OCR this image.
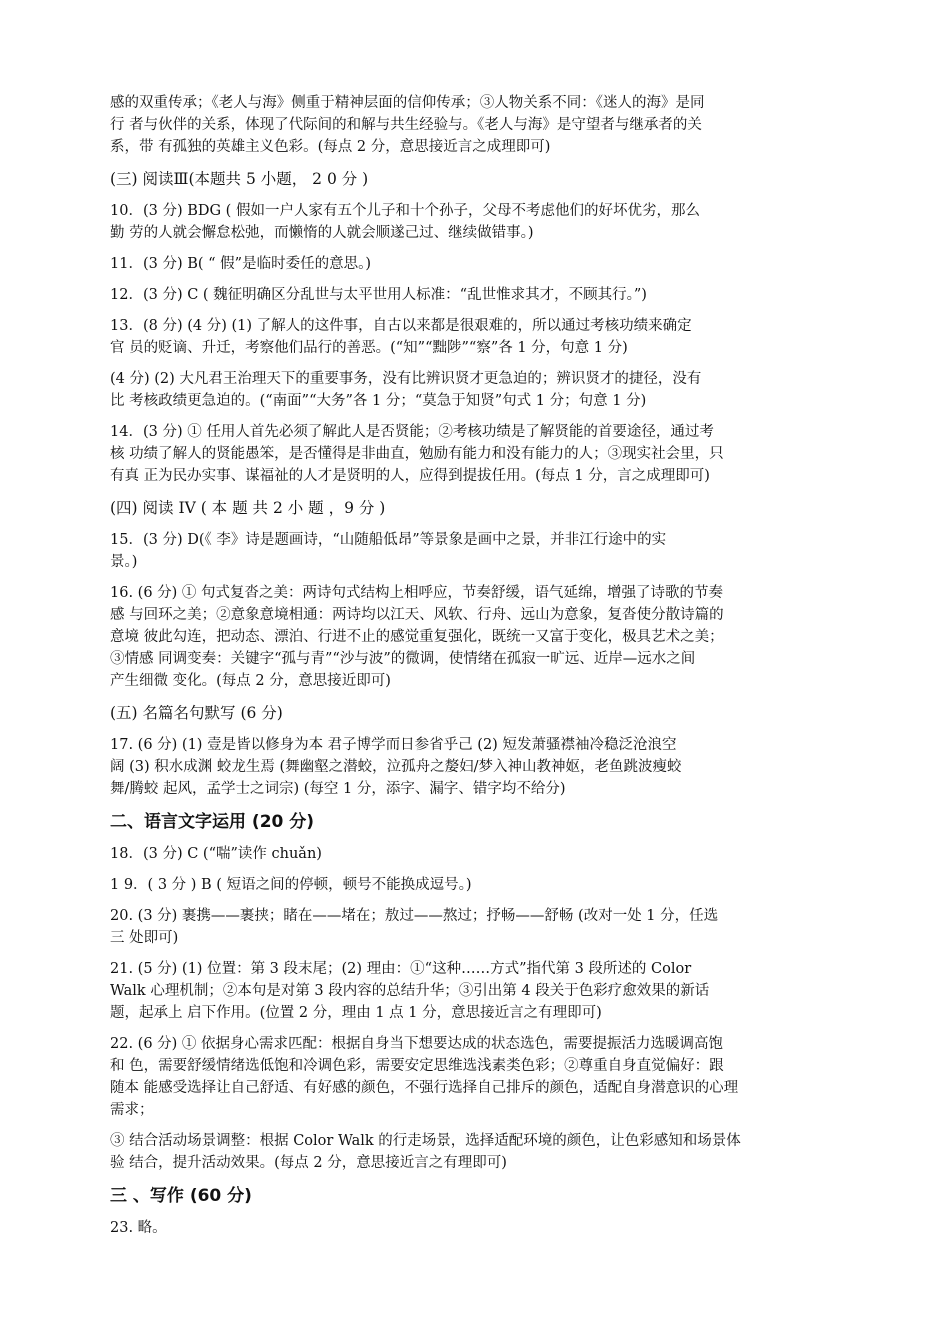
感的双重传承；《老人与海》侧重于精神层面的信仰传承；③人物关系不同：《迷人的海》是同
行 者与伙伴的关系，体现了代际间的和解与共生经验与。《老人与海》是守望者与继承者的关
系，带 有孤独的英雄主义色彩。(每点 2 分，意思接近言之成理即可)
(三) 阅读Ⅲ(本题共 5 小题， 2 0 分 )
10．(3 分) BDG ( 假如一户人家有五个儿子和十个孙子，父母不考虑他们的好坏优劣，那么
勤 劳的人就会懈怠松弛，而懒惰的人就会顺遂己过、继续做错事。)
11．(3 分) B( “ 假”是临时委任的意思。)
12．(3 分) C ( 魏征明确区分乱世与太平世用人标准：“乱世惟求其才，不顾其行。”)
13．(8 分) (4 分) (1) 了解人的这件事，自古以来都是很艰难的，所以通过考核功绩来确定
官 员的贬谪、升迁，考察他们品行的善恶。(“知”“黜陟”“察”各 1 分，句意 1 分)
(4 分) (2) 大凡君王治理天下的重要事务，没有比辨识贤才更急迫的；辨识贤才的捷径，没有
比 考核政绩更急迫的。(“南面”“大务”各 1 分；“莫急于知贤”句式 1 分；句意 1 分)
14．(3 分) ① 任用人首先必须了解此人是否贤能；②考核功绩是了解贤能的首要途径，通过考
核 功绩了解人的贤能愚笨，是否懂得是非曲直，勉励有能力和没有能力的人；③现实社会里，只
有真 正为民办实事、谋福祉的人才是贤明的人，应得到提拔任用。(每点 1 分，言之成理即可)
(四) 阅读 IV ( 本 题 共 2 小 题 ，9 分 )
15．(3 分) D(《 李》诗是题画诗，“山随船低昂”等景象是画中之景，并非江行途中的实
景。)
16. (6 分) ① 句式复沓之美：两诗句式结构上相呼应，节奏舒缓，语气延绵，增强了诗歌的节奏
感 与回环之美；②意象意境相通：两诗均以江天、风软、行舟、远山为意象，复沓使分散诗篇的
意境 彼此勾连，把动态、漂泊、行进不止的感觉重复强化，既统一又富于变化，极具艺术之美；
③情感 同调变奏：关键字“孤与青”“沙与波”的微调，使情绪在孤寂一旷远、近岸—远水之间
产生细微 变化。(每点 2 分，意思接近即可)
(五) 名篇名句默写 (6 分)
17. (6 分) (1) 壹是皆以修身为本 君子博学而日参省乎己 (2) 短发萧骚襟袖冷稳泛沧浪空
阔 (3) 积水成渊 蛟龙生焉 (舞幽壑之潜蛟，泣孤舟之嫠妇/梦入神山教神妪，老鱼跳波瘦蛟
舞/腾蛟 起风，孟学士之词宗) (每空 1 分，添字、漏字、错字均不给分)
二、语言文字运用 (20 分)
18．(3 分) C (“喘”读作 chuǎn)
1 9．( 3 分 ) B ( 短语之间的停顿，顿号不能换成逗号。)
20. (3 分) 裹携——裹挟；睹在——堵在；敖过——熬过；抒畅——舒畅 (改对一处 1 分，任选
三 处即可)
21. (5 分) (1) 位置：第 3 段末尾；(2) 理由：①“这种……方式”指代第 3 段所述的 Color
Walk 心理机制；②本句是对第 3 段内容的总结升华；③引出第 4 段关于色彩疗愈效果的新话
题，起承上 启下作用。(位置 2 分，理由 1 点 1 分，意思接近言之有理即可)
22. (6 分) ① 依据身心需求匹配：根据自身当下想要达成的状态选色，需要提振活力选暖调高饱
和 色，需要舒缓情绪选低饱和冷调色彩，需要安定思维选浅素类色彩；②尊重自身直觉偏好：跟
随本 能感受选择让自己舒适、有好感的颜色，不强行选择自己排斥的颜色，适配自身潜意识的心理
需求；
③ 结合活动场景调整：根据 Color Walk 的行走场景，选择适配环境的颜色，让色彩感知和场景体
验 结合，提升活动效果。(每点 2 分，意思接近言之有理即可)
三 、写作 (60 分)
23. 略。
